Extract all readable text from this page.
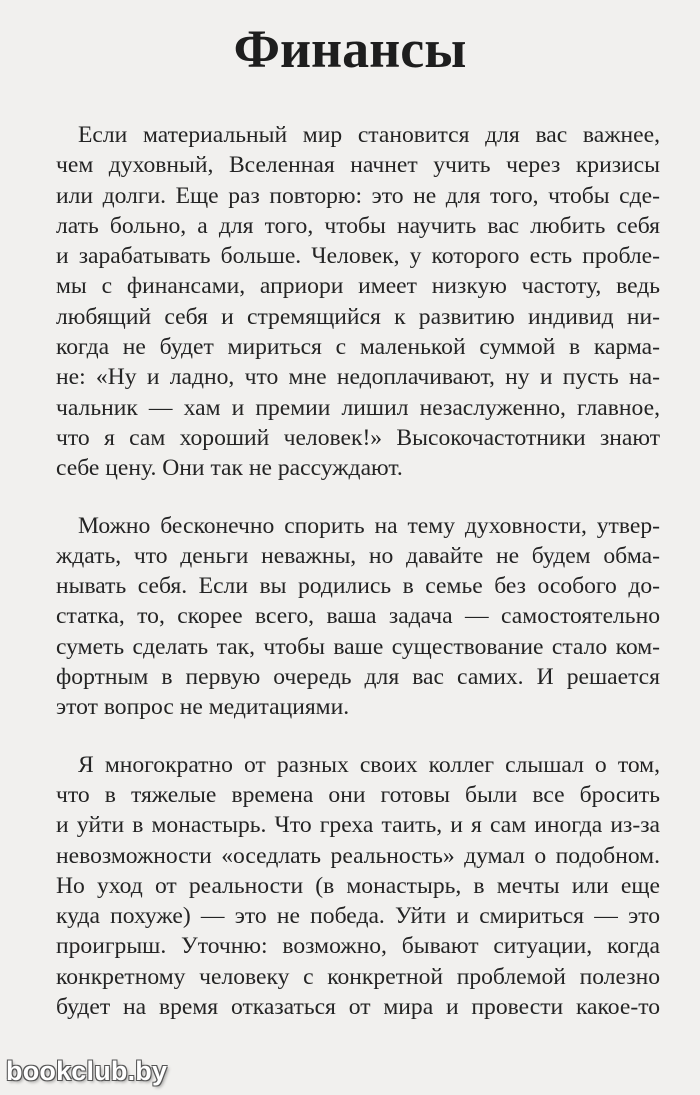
Финансы
Если материальный мир становится для вас важнее,
чем духовный, Вселенная начнет учить через кризисы
или долги. Еще раз повторю: это не для того, чтобы сде-
лать больно, а для того, чтобы научить вас любить себя
и зарабатывать больше. Человек, у которого есть пробле-
мы с финансами, априори имеет низкую частоту, ведь
любящий себя и стремящийся к развитию индивид ни-
когда не будет мириться с маленькой суммой в карма-
не: «Ну и ладно, что мне недоплачивают, ну и пусть на-
чальник — хам и премии лишил незаслуженно, главное,
что я сам хороший человек!» Высокочастотники знают
себе цену. Они так не рассуждают.
Можно бесконечно спорить на тему духовности, утвер-
ждать, что деньги неважны, но давайте не будем обма-
нывать себя. Если вы родились в семье без особого до-
статка, то, скорее всего, ваша задача — самостоятельно
суметь сделать так, чтобы ваше существование стало ком-
фортным в первую очередь для вас самих. И решается
этот вопрос не медитациями.
Я многократно от разных своих коллег слышал о том,
что в тяжелые времена они готовы были все бросить
и уйти в монастырь. Что греха таить, и я сам иногда из-за
невозможности «оседлать реальность» думал о подобном.
Но уход от реальности (в монастырь, в мечты или еще
куда похуже) — это не победа. Уйти и смириться — это
проигрыш. Уточню: возможно, бывают ситуации, когда
конкретному человеку с конкретной проблемой полезно
будет на время отказаться от мира и провести какое-то
bookclub.by
